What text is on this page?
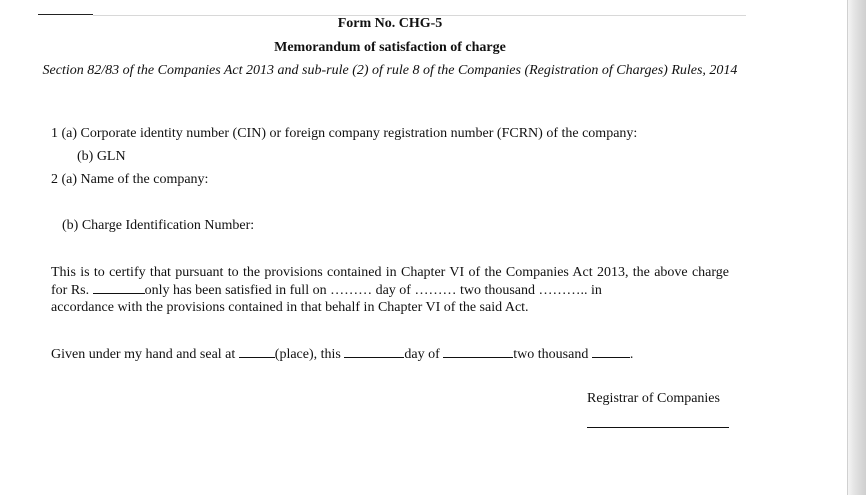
Form No. CHG-5
Memorandum of satisfaction of charge
Section 82/83 of the Companies Act 2013 and sub-rule (2) of rule 8 of the Companies (Registration of Charges) Rules, 2014
1 (a) Corporate identity number (CIN) or foreign company registration number (FCRN) of the company:
(b) GLN
2 (a) Name of the company:
(b) Charge Identification Number:
This is to certify that pursuant to the provisions contained in Chapter VI of the Companies Act 2013, the above charge for Rs.	only has been satisfied in full on ……… day of ……… two thousand ……….. in
accordance with the provisions contained in that behalf in Chapter VI of the said Act.
Given under my hand and seal at	(place), this	day of	two thousand	.
Registrar of Companies
